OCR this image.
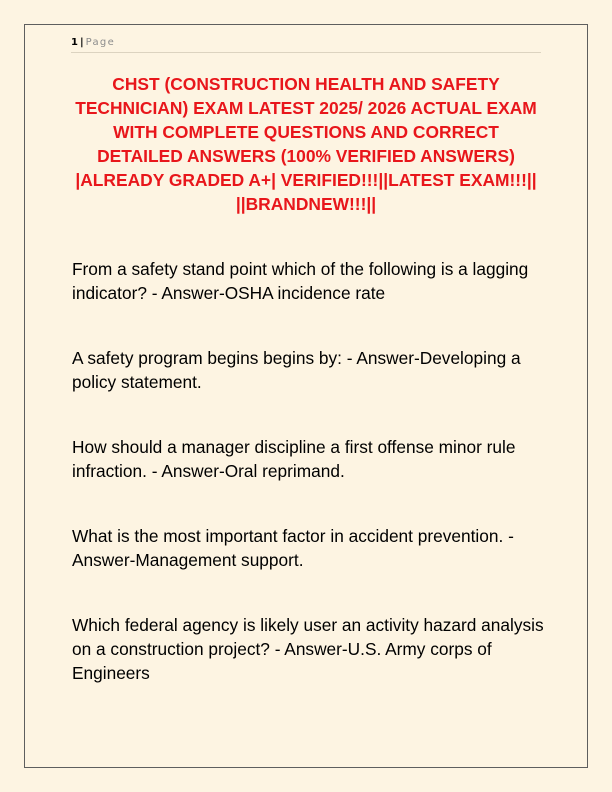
1 | Page
CHST (CONSTRUCTION HEALTH AND SAFETY TECHNICIAN) EXAM LATEST 2025/ 2026 ACTUAL EXAM WITH COMPLETE QUESTIONS AND CORRECT DETAILED ANSWERS (100% VERIFIED ANSWERS) |ALREADY GRADED A+| VERIFIED!!!||LATEST EXAM!!!|| ||BRANDNEW!!!||
From a safety stand point which of the following is a lagging indicator? - Answer-OSHA incidence rate
A safety program begins begins by: - Answer-Developing a policy statement.
How should a manager discipline a first offense minor rule infraction. - Answer-Oral reprimand.
What is the most important factor in accident prevention. - Answer-Management support.
Which federal agency is likely user an activity hazard analysis on a construction project? - Answer-U.S. Army corps of Engineers
